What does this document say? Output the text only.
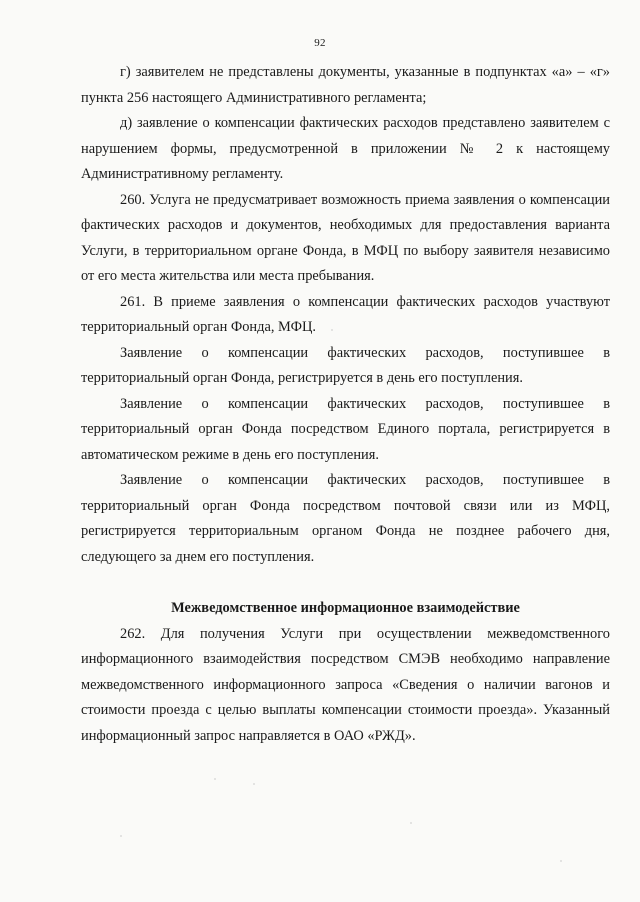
92

г) заявителем не представлены документы, указанные в подпунктах «а» – «г» пункта 256 настоящего Административного регламента;

д) заявление о компенсации фактических расходов представлено заявителем с нарушением формы, предусмотренной в приложении № 2 к настоящему Административному регламенту.

260. Услуга не предусматривает возможность приема заявления о компенсации фактических расходов и документов, необходимых для предоставления варианта Услуги, в территориальном органе Фонда, в МФЦ по выбору заявителя независимо от его места жительства или места пребывания.

261. В приеме заявления о компенсации фактических расходов участвуют территориальный орган Фонда, МФЦ.

Заявление о компенсации фактических расходов, поступившее в территориальный орган Фонда, регистрируется в день его поступления.

Заявление о компенсации фактических расходов, поступившее в территориальный орган Фонда посредством Единого портала, регистрируется в автоматическом режиме в день его поступления.

Заявление о компенсации фактических расходов, поступившее в территориальный орган Фонда посредством почтовой связи или из МФЦ, регистрируется территориальным органом Фонда не позднее рабочего дня, следующего за днем его поступления.

Межведомственное информационное взаимодействие

262. Для получения Услуги при осуществлении межведомственного информационного взаимодействия посредством СМЭВ необходимо направление межведомственного информационного запроса «Сведения о наличии вагонов и стоимости проезда с целью выплаты компенсации стоимости проезда». Указанный информационный запрос направляется в ОАО «РЖД».
